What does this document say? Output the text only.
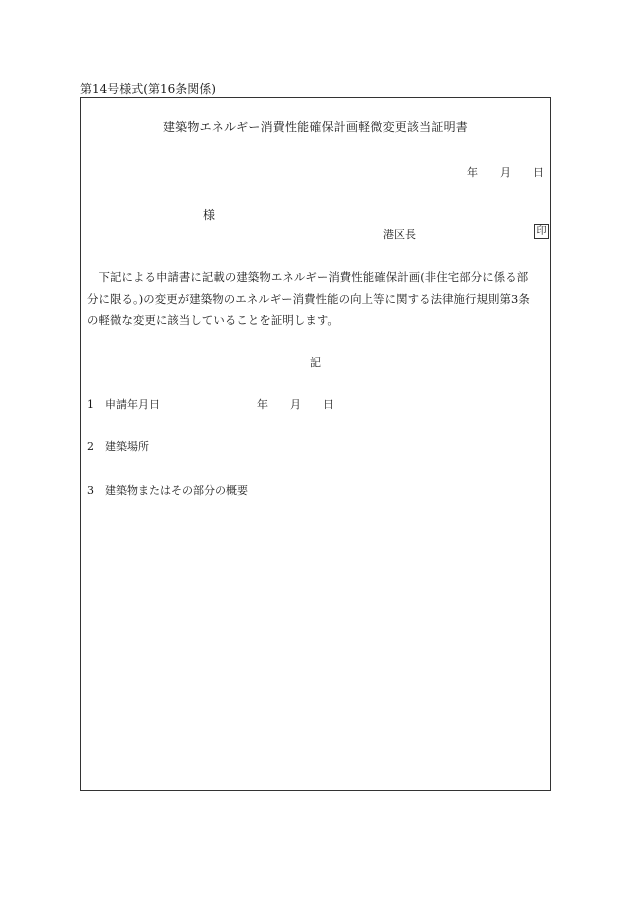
第14号様式(第16条関係)
建築物エネルギー消費性能確保計画軽微変更該当証明書
年 月 日
様
港区長	印
　下記による申請書に記載の建築物エネルギー消費性能確保計画(非住宅部分に係る部
分に限る。)の変更が建築物のエネルギー消費性能の向上等に関する法律施行規則第3条
の軽微な変更に該当していることを証明します。
記
1 申請年月日	年 月 日
2 建築場所
3 建築物またはその部分の概要
